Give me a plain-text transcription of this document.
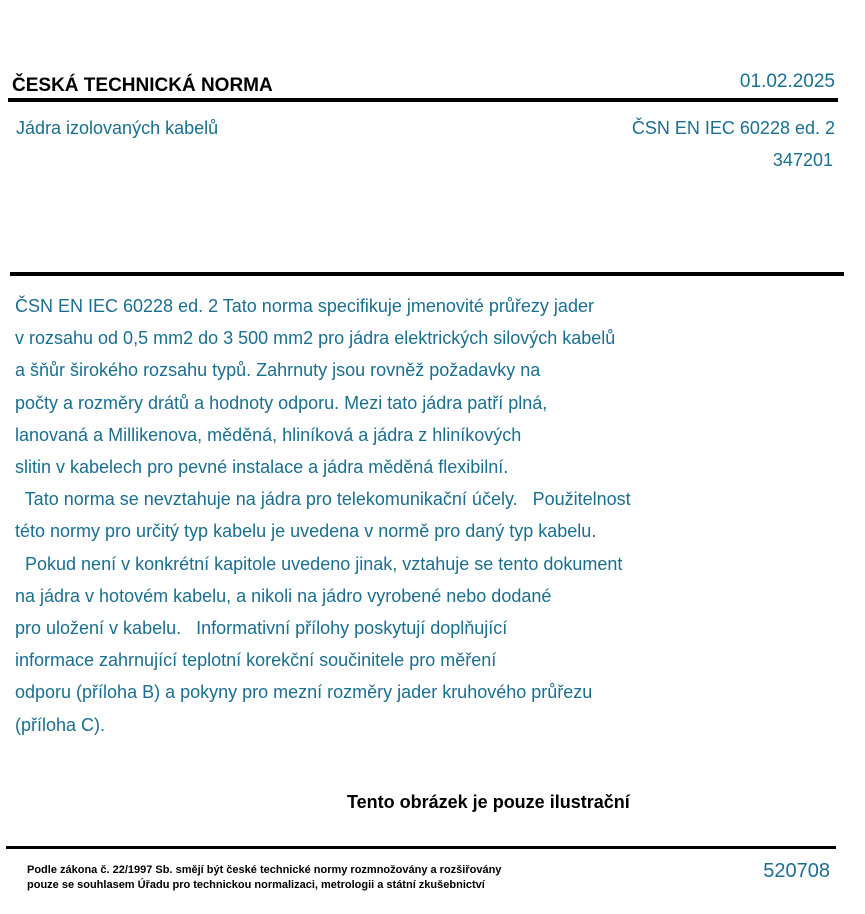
ČESKÁ TECHNICKÁ NORMA	01.02.2025
Jádra izolovaných kabelů	ČSN EN IEC 60228 ed. 2
347201
ČSN EN IEC 60228 ed. 2 Tato norma specifikuje jmenovité průřezy jader
v rozsahu od 0,5 mm2 do 3 500 mm2 pro jádra elektrických silových kabelů
a šňůr širokého rozsahu typů. Zahrnuty jsou rovněž požadavky na
počty a rozměry drátů a hodnoty odporu. Mezi tato jádra patří plná,
lanovaná a Millikenova, měděná, hliníková a jádra z hliníkových
slitin v kabelech pro pevné instalace a jádra měděná flexibilní.
Tato norma se nevztahuje na jádra pro telekomunikační účely.   Použitelnost
této normy pro určitý typ kabelu je uvedena v normě pro daný typ kabelu.
Pokud není v konkrétní kapitole uvedeno jinak, vztahuje se tento dokument
na jádra v hotovém kabelu, a nikoli na jádro vyrobené nebo dodané
pro uložení v kabelu.   Informativní přílohy poskytují doplňující
informace zahrnující teplotní korekční součinitele pro měření
odporu (příloha B) a pokyny pro mezní rozměry jader kruhového průřezu
(příloha C).
Tento obrázek je pouze ilustrační
Podle zákona č. 22/1997 Sb. smějí být české technické normy rozmnožovány a rozšiřovány
pouze se souhlasem Úřadu pro technickou normalizaci, metrologii a státní zkušebnictví
520708
